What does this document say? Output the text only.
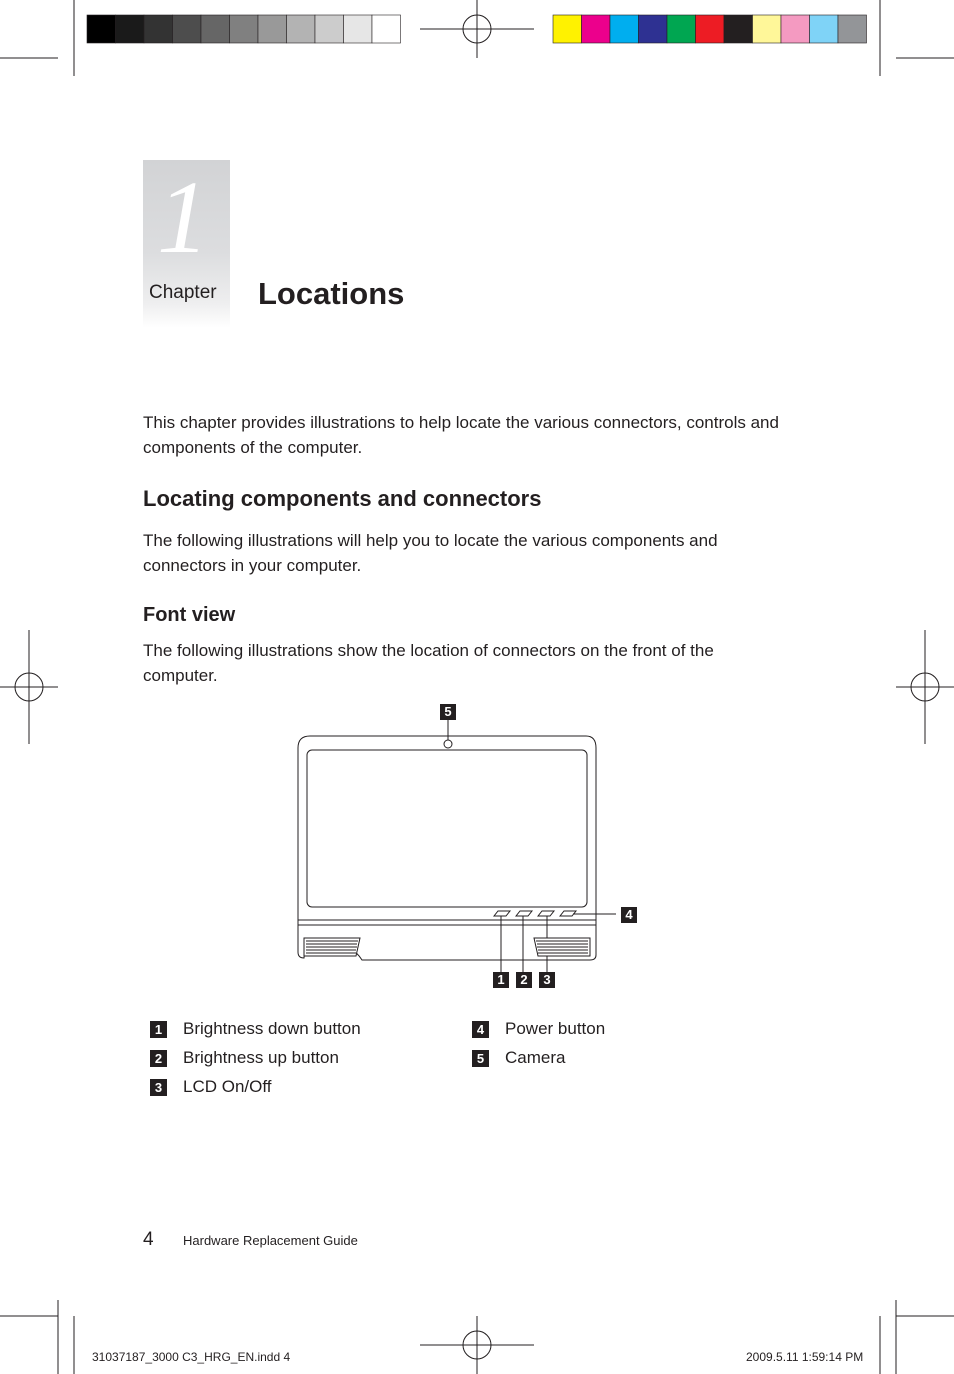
1
Chapter Locations
This chapter provides illustrations to help locate the various connectors, controls and components of the computer.
Locating components and connectors
The following illustrations will help you to locate the various components and connectors in your computer.
Font view
The following illustrations show the location of connectors on the front of the computer.
5
4
1	2	3
1 Brightness down button
2 Brightness up button
3 LCD On/Off
4 Power button
5 Camera
4 Hardware Replacement Guide
31037187_3000 C3_HRG_EN.indd 4	2009.5.11 1:59:14 PM
